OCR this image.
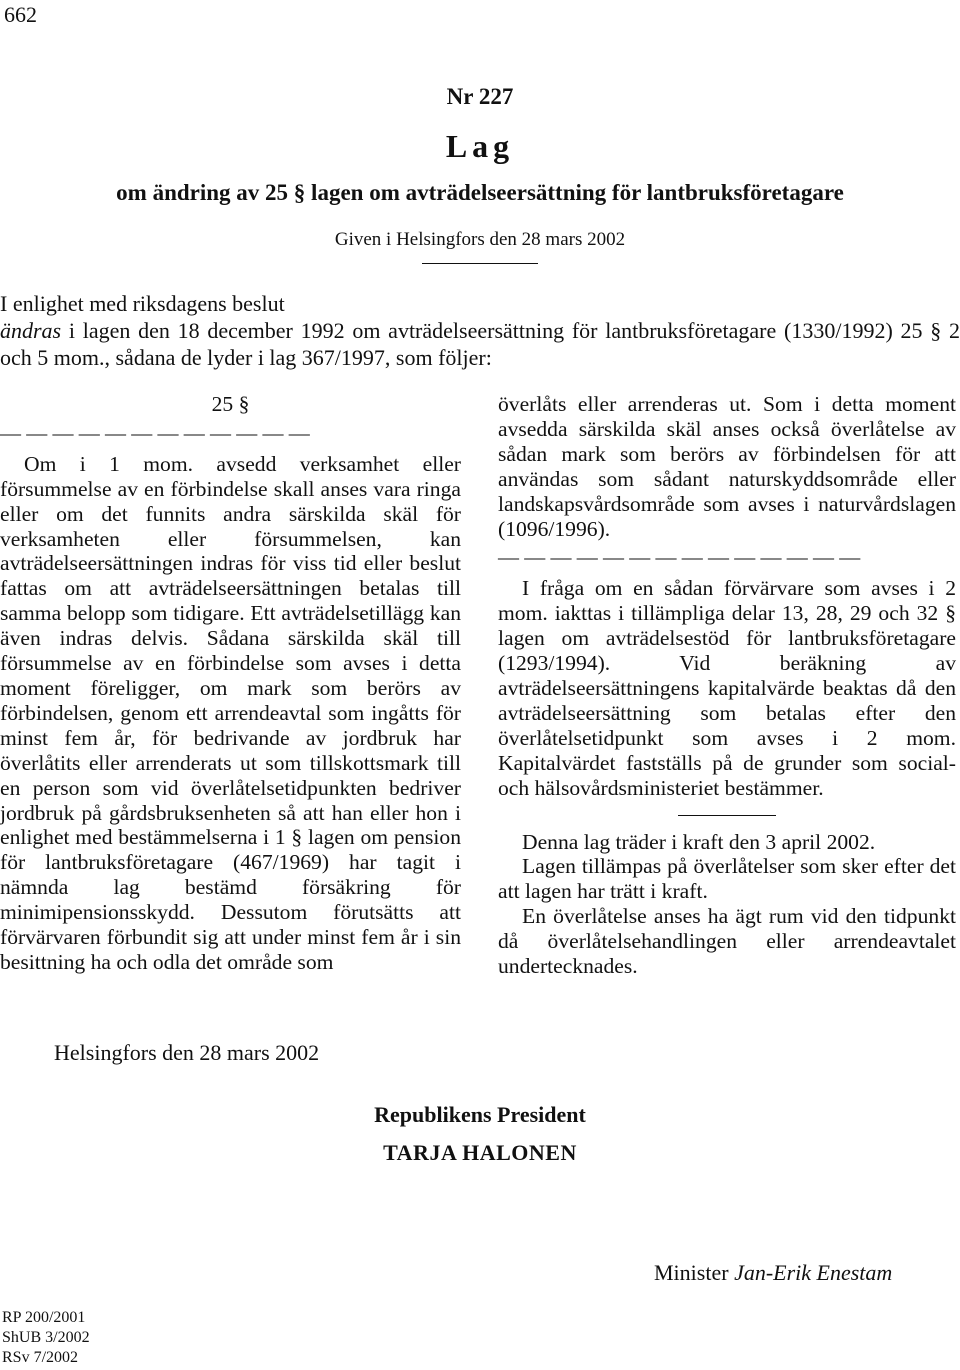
662
Nr 227
Lag
om ändring av 25 § lagen om avträdelseersättning för lantbruksföretagare
Given i Helsingfors den 28 mars 2002

I enlighet med riksdagens beslut

ändras i lagen den 18 december 1992 om avträdelseersättning för lantbruksföretagare (1330/1992) 25 § 2 och 5 mom., sådana de lyder i lag 367/1997, som följer:

25 §
— — — — — — — — — — — —

Om i 1 mom. avsedd verksamhet eller försummelse av en förbindelse skall anses vara ringa eller om det funnits andra särskilda skäl för verksamheten eller försummelsen, kan avträdelseersättningen indras för viss tid eller beslut fattas om att avträdelseersättningen betalas till samma belopp som tidigare. Ett avträdelsetillägg kan även indras delvis. Sådana särskilda skäl till försummelse av en förbindelse som avses i detta moment föreligger, om mark som berörs av förbindelsen, genom ett arrendeavtal som ingåtts för minst fem år, för bedrivande av jordbruk har överlåtits eller arrenderats ut som tillskottsmark till en person som vid överlåtelsetidpunkten bedriver jordbruk på gårdsbruksenheten så att han eller hon i enlighet med bestämmelserna i 1 § lagen om pension för lantbruksföretagare (467/1969) har tagit i nämnda lag bestämd försäkring för minimipensionsskydd. Dessutom förutsätts att förvärvaren förbundit sig att under minst fem år i sin besittning ha och odla det område som

överlåts eller arrenderas ut. Som i detta moment avsedda särskilda skäl anses också överlåtelse av sådan mark som berörs av förbindelsen för att användas som sådant naturskyddsområde eller landskapsvårdsområde som avses i naturvårdslagen (1096/1996).

— — — — — — — — — — — — — —

I fråga om en sådan förvärvare som avses i 2 mom. iakttas i tillämpliga delar 13, 28, 29 och 32 § lagen om avträdelsestöd för lantbruksföretagare (1293/1994). Vid beräkning av avträdelseersättningens kapitalvärde beaktas då den avträdelseersättning som betalas efter den överlåtelsetidpunkt som avses i 2 mom. Kapitalvärdet fastställs på de grunder som social- och hälsovårdsministeriet bestämmer.

Denna lag träder i kraft den 3 april 2002.

Lagen tillämpas på överlåtelser som sker efter det att lagen har trätt i kraft.

En överlåtelse anses ha ägt rum vid den tidpunkt då överlåtelsehandlingen eller arrendeavtalet undertecknades.

Helsingfors den 28 mars 2002
Republikens President
TARJA HALONEN
Minister Jan-Erik Enestam
RP 200/2001
ShUB 3/2002
RSv 7/2002
